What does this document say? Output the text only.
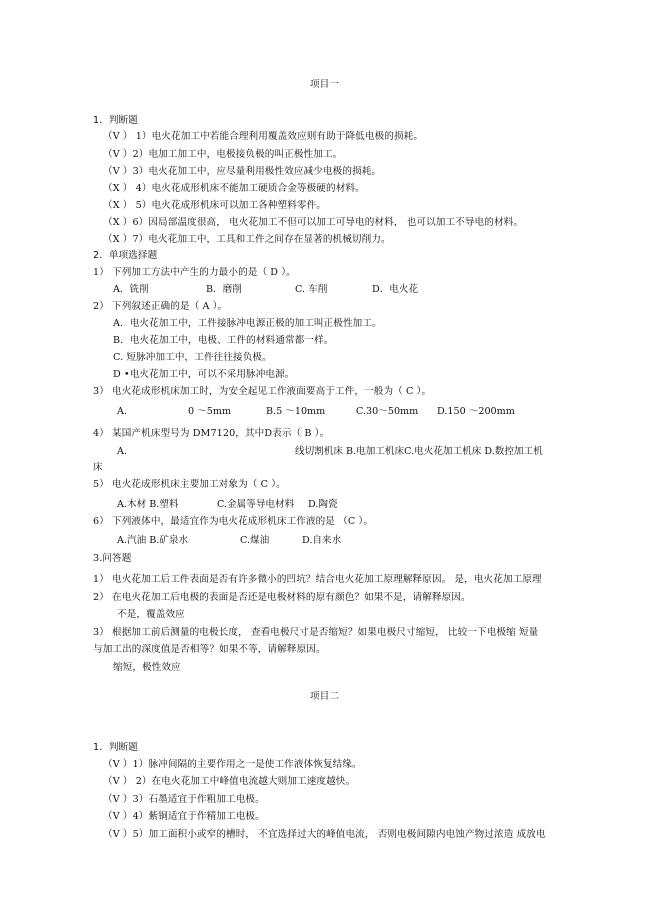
项目一
1．判断题
（V ） 1）电火花加工中若能合理利用覆盖效应则有助于降低电极的损耗。
（V ）2）电加工加工中，电极接负极的叫正极性加工。
（V ）3）电火花加工中，应尽量利用极性效应减少电极的损耗。
（X ） 4）电火花成形机床不能加工硬质合金等极硬的材料。
（X ） 5）电火花成形机床可以加工各种塑料零件。
（X ）6）因局部温度很高， 电火花加工不但可以加工可导电的材料， 也可以加工不导电的材料。
（X ）7）电火花加工中，工具和工件之间存在显著的机械切削力。
2．单项选择题
1） 下列加工方法中产生的力最小的是（ D ）。
A．铣削	B．磨削	C. 车削	D．电火花
2） 下列叙述正确的是（ A ）。
A．电火花加工中，工件接脉冲电源正极的加工叫正极性加工。
B．电火花加工中，电极、工件的材料通常都一样。
C. 短脉冲加工中，工件往往接负极。
D •电火花加工中，可以不采用脉冲电源。
3） 电火花成形机床加工时，为安全起见工作液面要高于工件，一般为（ C ）。
A.	0 ～5mm	B.5 ～10mm	C.30～50mm D.150 ～200mm
4） 某国产机床型号为 DM7120，其中D表示（ B ）。
A.	线切割机床 B.电加工机床C.电火花加工机床 D.数控加工机
床
5） 电火花成形机床主要加工对象为（ C ）。
A.木材 B.塑料	C.金属等导电材料 D.陶瓷
6） 下列液体中，最适宜作为电火花成形机床工作液的是 （C ）。
A.汽油 B.矿泉水	C.煤油	D.自来水
3.问答题
1） 电火花加工后工件表面是否有许多微小的凹坑？结合电火花加工原理解释原因。 是，电火花加工原理
2） 在电火花加工后电极的表面是否还是电极材料的原有颜色？如果不是，请解释原因。
不是，覆盖效应
3） 根据加工前后测量的电极长度， 查看电极尺寸是否缩短？如果电极尺寸缩短， 比较一下电极缩 短量
与加工出的深度值是否相等？如果不等，请解释原因。
缩短，极性效应
项目二
1．判断题
（V ）1）脉冲间隔的主要作用之一是使工作液体恢复结缘。
（V ） 2）在电火花加工中峰值电流越大则加工速度越快。
（V ）3）石墨适宜于作粗加工电极。
（V ）4）紫铜适宜于作精加工电极。
（V ）5）加工面积小或窄的槽时， 不宜选择过大的峰值电流， 否则电极间隙内电蚀产物过浓造 成放电
